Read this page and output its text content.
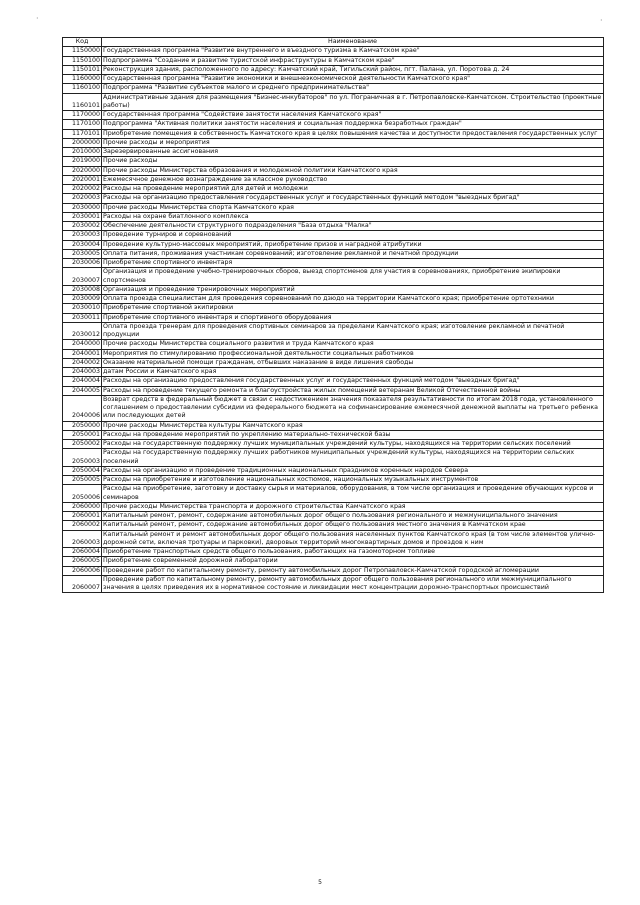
·	·
Код	Наименование
1150000	Государственная программа "Развитие внутреннего и въездного туризма в Камчатском крае"
1150100	Подпрограмма "Создание и развитие туристской инфраструктуры в Камчатском крае"
1150101	Реконструкция здания, расположенного по адресу: Камчатский край, Тигильский район, пгт. Палана, ул. Поротова д. 24
1160000	Государственная программа "Развитие экономики и внешнеэкономической деятельности Камчатского края"
1160100	Подпрограмма "Развитие субъектов малого и среднего предпринимательства"
1160101	Административные здания для размещения "Бизнес-инкубаторов" по ул. Пограничная в г. Петропавловске-Камчатском. Строительство (проектные работы)
1170000	Государственная программа "Содействие занятости населения Камчатского края"
1170100	Подпрограмма "Активная политики занятости населения и социальная поддержка безработных граждан"
1170101	Приобретение помещения в собственность Камчатского края в целях повышения качества и доступности предоставления государственных услуг
2000000	Прочие расходы и мероприятия
2010000	Зарезервированные ассигнования
2019000	Прочие расходы
2020000	Прочие расходы Министерства образования и молодежной политики Камчатского края
2020001	Ежемесячное денежное вознаграждение за классное руководство
2020002	Расходы на проведение мероприятий для детей и молодежи
2020003	Расходы на организацию предоставления государственных услуг и государственных функций методом "выездных бригад"
2030000	Прочие расходы Министерства спорта Камчатского края
2030001	Расходы на охране биатлонного комплекса
2030002	Обеспечение деятельности структурного подразделения "База отдыха "Малка"
2030003	Проведение турниров и соревнований
2030004	Проведение культурно-массовых мероприятий, приобретение призов и наградной атрибутики
2030005	Оплата питания, проживания участникам соревнований; изготовление рекламной и печатной продукции
2030006	Приобретение спортивного инвентаря
2030007	Организация и проведение учебно-тренировочных сборов, выезд спортсменов для участия в соревнованиях, приобретение экипировки спортсменов
2030008	Организация и проведение тренировочных мероприятий
2030009	Оплата проезда специалистам для проведения соревнований по дзюдо на территории Камчатского края; приобретение ортотехники
2030010	Приобретение спортивной экипировки
2030011	Приобретение спортивного инвентаря и спортивного оборудования
2030012	Оплата проезда тренерам для проведения спортивных семинаров за пределами Камчатского края; изготовление рекламной и печатной продукции
2040000	Прочие расходы Министерства социального развития и труда Камчатского края
2040001	Мероприятия по стимулированию профессиональной деятельности социальных работников
2040002	Оказание материальной помощи гражданам, отбывших наказание в виде лишения свободы
2040003	датам России и Камчатского края
2040004	Расходы на организацию предоставления государственных услуг и государственных функций методом "выездных бригад"
2040005	Расходы на проведение текущего ремонта и благоустройства жилых помещений ветеранам Великой Отечественной войны
2040006	Возврат средств в федеральный бюджет в связи с недостижением значения показателя результативности по итогам 2018 года, установленного соглашением о предоставлении субсидии из федерального бюджета на софинансирование ежемесячной денежной выплаты на третьего ребенка или последующих детей
2050000	Прочие расходы Министерства культуры Камчатского края
2050001	Расходы на проведение мероприятий по укреплению материально-технической базы
2050002	Расходы на государственную поддержку лучших муниципальных учреждений культуры, находящихся на территории сельских поселений
2050003	Расходы на государственную поддержку лучших работников муниципальных учреждений культуры, находящихся на территории сельских поселений
2050004	Расходы на организацию и проведение традиционных национальных праздников коренных народов Севера
2050005	Расходы на приобретение и изготовление национальных костюмов, национальных музыкальных инструментов
2050006	Расходы на приобретение, заготовку и доставку сырья и материалов, оборудования, в том числе организация и проведение обучающих курсов и семинаров
2060000	Прочие расходы Министерства транспорта и дорожного строительства Камчатского края
2060001	Капитальный ремонт, ремонт, содержание автомобильных дорог общего пользования регионального и межмуниципального значения
2060002	Капитальный ремонт, ремонт, содержание автомобильных дорог общего пользования местного значения в Камчатском крае
2060003	Капитальный ремонт и ремонт автомобильных дорог общего пользования населенных пунктов Камчатского края (в том числе элементов улично-дорожной сети, включая тротуары и парковки), дворовых территорий многоквартирных домов и проездов к ним
2060004	Приобретение транспортных средств общего пользования, работающих на газомоторном топливе
2060005	Приобретение современной дорожной лаборатории
2060006	Проведение работ по капитальному ремонту, ремонту автомобильных дорог Петропавловск-Камчатской городской агломерации
2060007	Проведение работ по капитальному ремонту, ремонту автомобильных дорог общего пользования регионального или межмуниципального значения в целях приведения их в нормативное состояние и ликвидации мест концентрации дорожно-транспортных происшествий
5
